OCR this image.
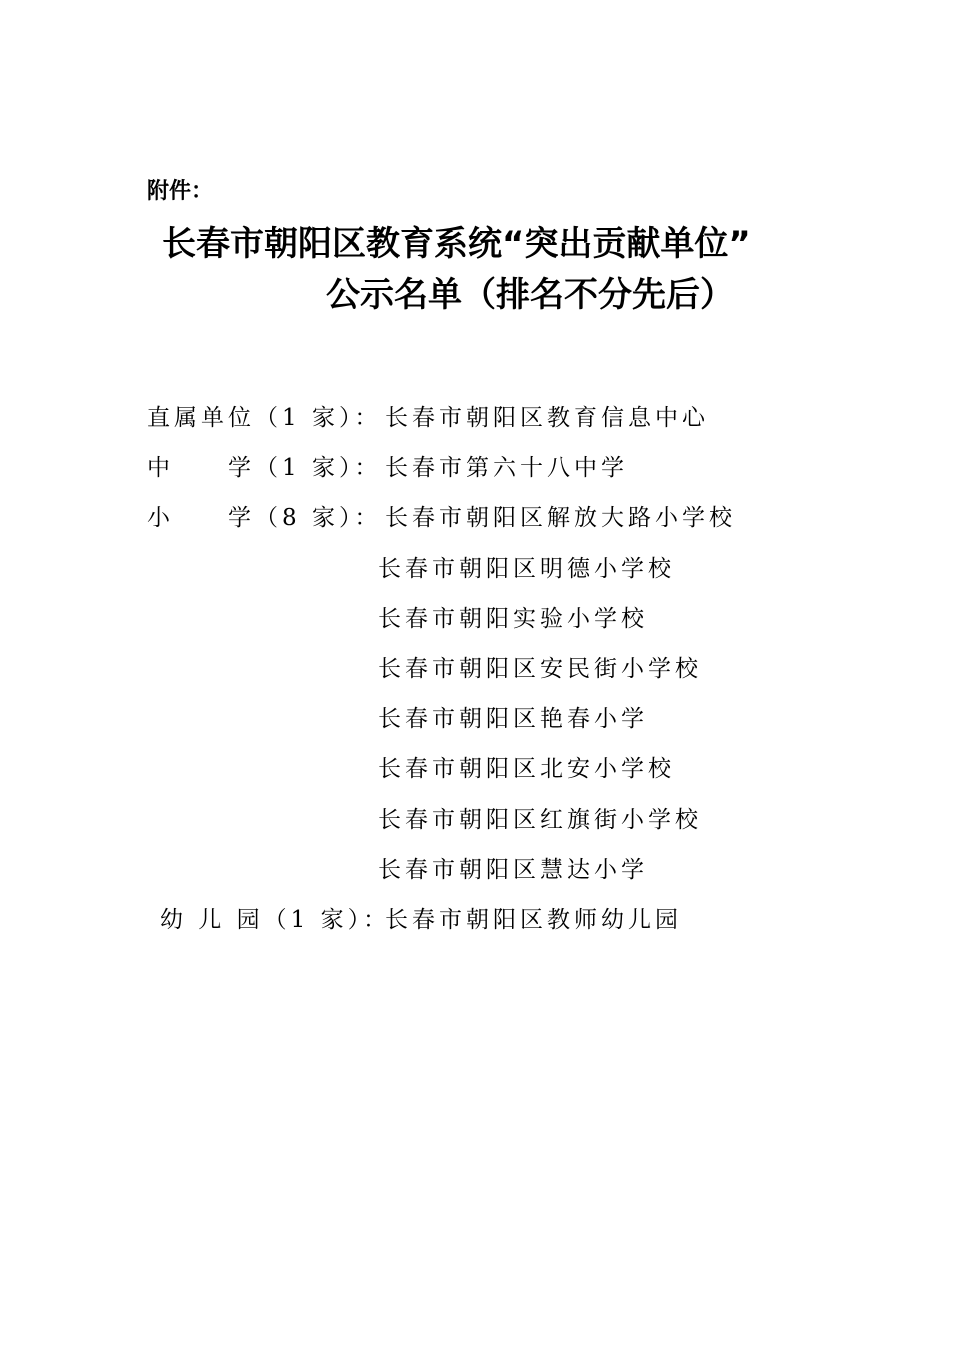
附件：
长春市朝阳区教育系统“突出贡献单位”
公示名单（排名不分先后）
直属单位（1 家）： 长春市朝阳区教育信息中心
中　　学（1 家）： 长春市第六十八中学
小　　学（8 家）： 长春市朝阳区解放大路小学校
长春市朝阳区明德小学校
长春市朝阳实验小学校
长春市朝阳区安民街小学校
长春市朝阳区艳春小学
长春市朝阳区北安小学校
长春市朝阳区红旗街小学校
长春市朝阳区慧达小学
幼 儿 园（1 家）：
长春市朝阳区教师幼儿园
